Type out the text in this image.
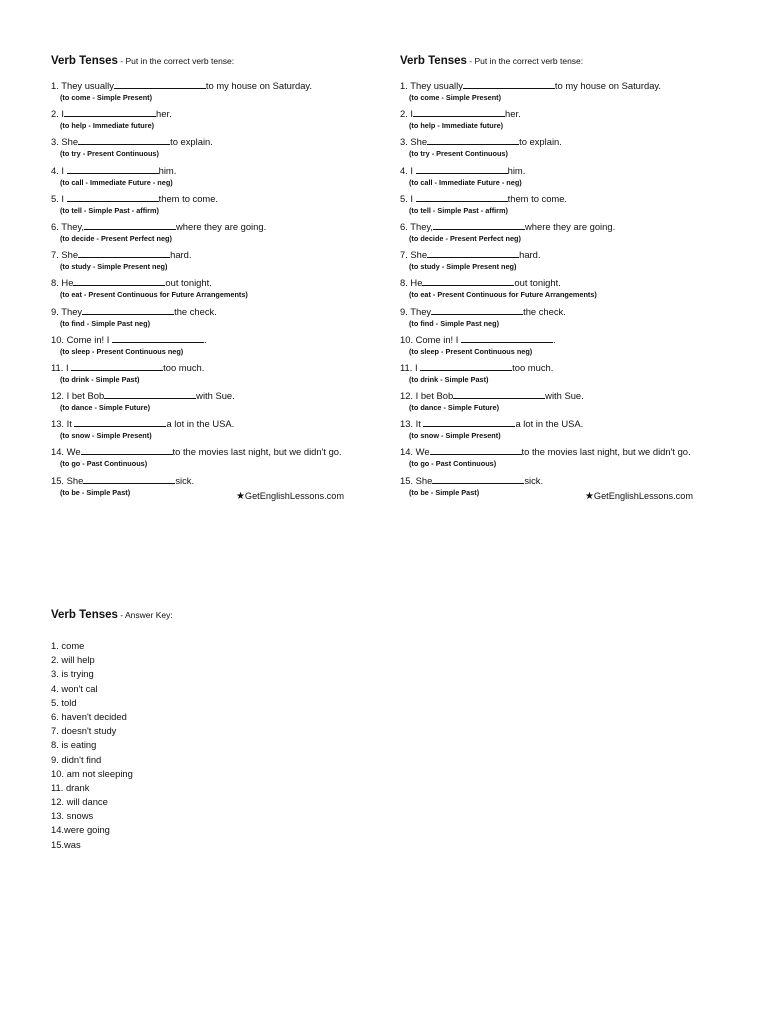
Verb Tenses - Put in the correct verb tense:
1. They usually	to my house on Saturday.
(to come - Simple Present)
2. I	her.
(to help - Immediate future)
3. She	to explain.
(to try - Present Continuous)
4. I	him.
(to call - Immediate Future - neg)
5. I	them to come.
(to tell - Simple Past - affirm)
6. They,	where they are going.
(to decide - Present Perfect neg)
7. She	hard.
(to study - Simple Present neg)
8. He	out tonight.
(to eat - Present Continuous for Future Arrangements)
9. They	the check.
(to find - Simple Past neg)
10. Come in! I	.
(to sleep - Present Continuous neg)
11. I	too much.
(to drink - Simple Past)
12. I bet Bob	with Sue.
(to dance - Simple Future)
13. It	a lot in the USA.
(to snow - Simple Present)
14. We	to the movies last night, but we didn't go.
(to go - Past Continuous)
15. She	sick.
(to be - Simple Past)	★GetEnglishLessons.com
Verb Tenses - Put in the correct verb tense:
1. They usually	to my house on Saturday.
(to come - Simple Present)
2. I	her.
(to help - Immediate future)
3. She	to explain.
(to try - Present Continuous)
4. I	him.
(to call - Immediate Future - neg)
5. I	them to come.
(to tell - Simple Past - affirm)
6. They,	where they are going.
(to decide - Present Perfect neg)
7. She	hard.
(to study - Simple Present neg)
8. He	out tonight.
(to eat - Present Continuous for Future Arrangements)
9. They	the check.
(to find - Simple Past neg)
10. Come in! I	.
(to sleep - Present Continuous neg)
11. I	too much.
(to drink - Simple Past)
12. I bet Bob	with Sue.
(to dance - Simple Future)
13. It	a lot in the USA.
(to snow - Simple Present)
14. We	to the movies last night, but we didn't go.
(to go - Past Continuous)
15. She	sick.
(to be - Simple Past)	★GetEnglishLessons.com
Verb Tenses - Answer Key:
1. come
2. will help
3. is trying
4. won't cal
5. told
6. haven't decided
7. doesn't study
8. is eating
9. didn't find
10. am not sleeping
11. drank
12. will dance
13. snows
14.were going
15.was
